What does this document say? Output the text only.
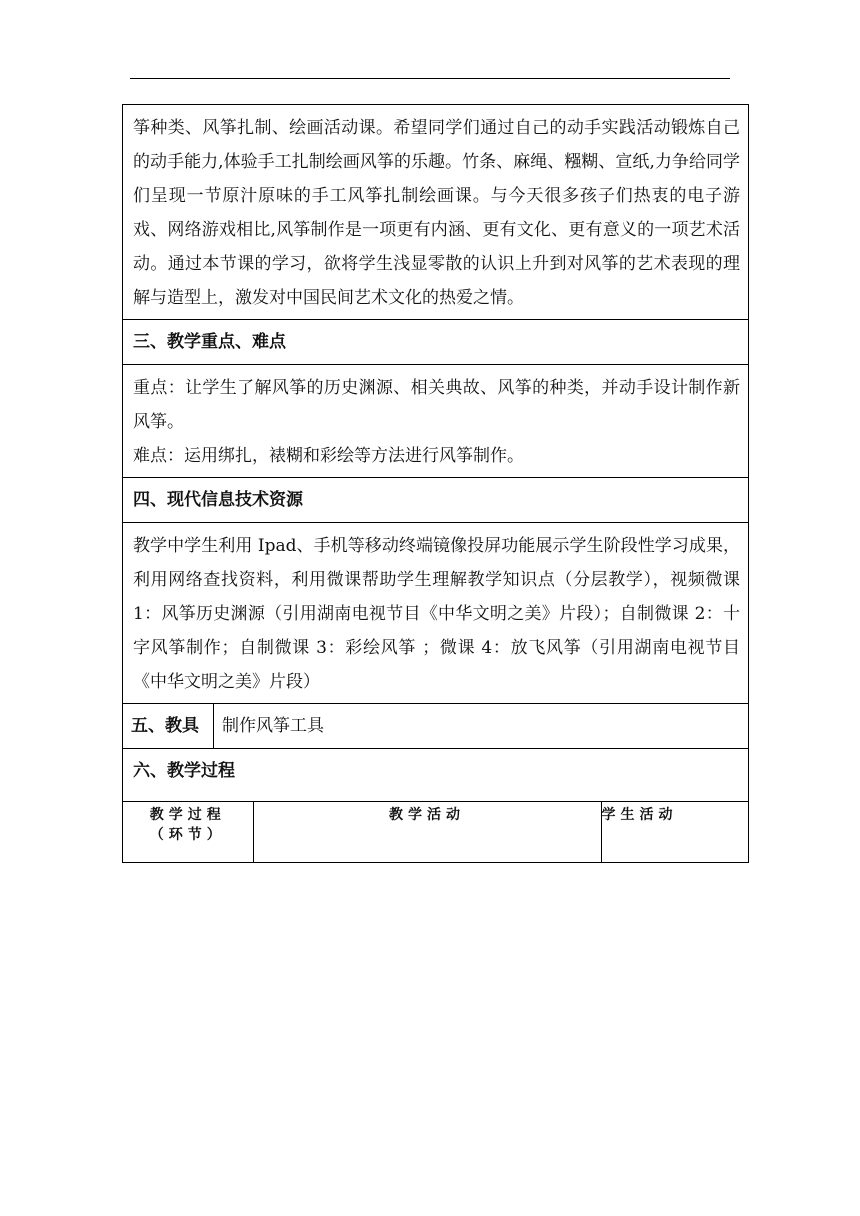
筝种类、风筝扎制、绘画活动课。希望同学们通过自己的动手实践活动锻炼自己的动手能力,体验手工扎制绘画风筝的乐趣。竹条、麻绳、糨糊、宣纸,力争给同学们呈现一节原汁原味的手工风筝扎制绘画课。与今天很多孩子们热衷的电子游戏、网络游戏相比,风筝制作是一项更有内涵、更有文化、更有意义的一项艺术活动。通过本节课的学习，欲将学生浅显零散的认识上升到对风筝的艺术表现的理解与造型上，激发对中国民间艺术文化的热爱之情。

三、教学重点、难点

重点：让学生了解风筝的历史渊源、相关典故、风筝的种类，并动手设计制作新风筝。

难点：运用绑扎，裱糊和彩绘等方法进行风筝制作。

四、现代信息技术资源

教学中学生利用 Ipad、手机等移动终端镜像投屏功能展示学生阶段性学习成果，利用网络查找资料，利用微课帮助学生理解教学知识点（分层教学），视频微课 1：风筝历史渊源（引用湖南电视节目《中华文明之美》片段）；自制微课 2：十字风筝制作；自制微课 3：彩绘风筝 ；微课 4：放飞风筝（引用湖南电视节目《中华文明之美》片段）

五、教具	制作风筝工具

六、教学过程

教学过程
（环节）	教学活动	学生活动
